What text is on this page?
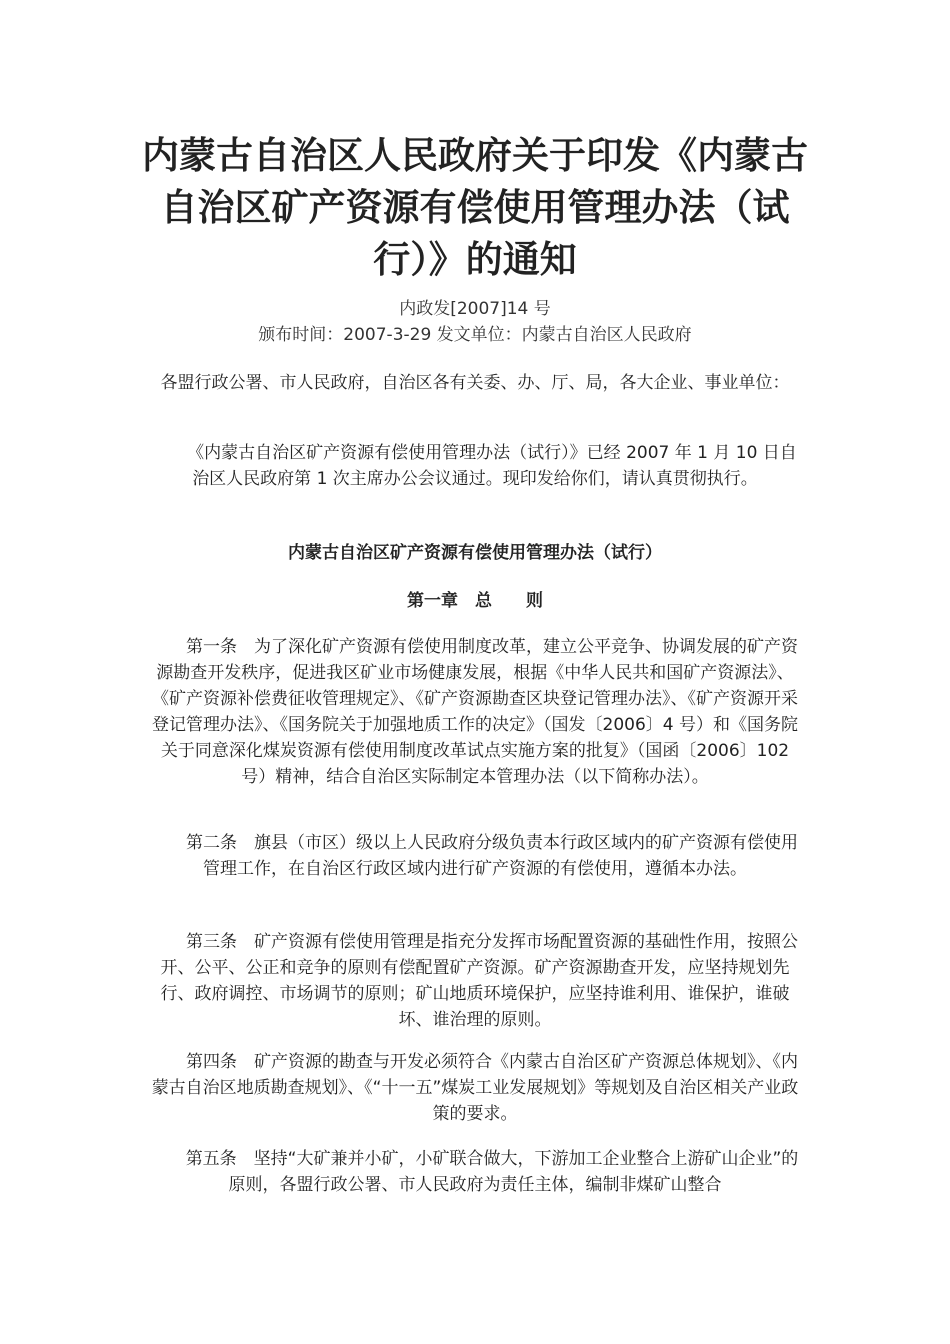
内蒙古自治区人民政府关于印发《内蒙古自治区矿产资源有偿使用管理办法（试行）》的通知
内政发[2007]14 号
颁布时间：2007-3-29 发文单位：内蒙古自治区人民政府

各盟行政公署、市人民政府，自治区各有关委、办、厅、局，各大企业、事业单位：

《内蒙古自治区矿产资源有偿使用管理办法（试行）》已经 2007 年 1 月 10 日自治区人民政府第 1 次主席办公会议通过。现印发给你们，请认真贯彻执行。

内蒙古自治区矿产资源有偿使用管理办法（试行）

第一章　总　　则

第一条　为了深化矿产资源有偿使用制度改革，建立公平竞争、协调发展的矿产资源勘查开发秩序，促进我区矿业市场健康发展，根据《中华人民共和国矿产资源法》、《矿产资源补偿费征收管理规定》、《矿产资源勘查区块登记管理办法》、《矿产资源开采登记管理办法》、《国务院关于加强地质工作的决定》（国发〔2006〕4 号）和《国务院关于同意深化煤炭资源有偿使用制度改革试点实施方案的批复》（国函〔2006〕102 号）精神，结合自治区实际制定本管理办法（以下简称办法）。

第二条　旗县（市区）级以上人民政府分级负责本行政区域内的矿产资源有偿使用管理工作，在自治区行政区域内进行矿产资源的有偿使用，遵循本办法。

第三条　矿产资源有偿使用管理是指充分发挥市场配置资源的基础性作用，按照公开、公平、公正和竞争的原则有偿配置矿产资源。矿产资源勘查开发，应坚持规划先行、政府调控、市场调节的原则；矿山地质环境保护，应坚持谁利用、谁保护，谁破坏、谁治理的原则。

第四条　矿产资源的勘查与开发必须符合《内蒙古自治区矿产资源总体规划》、《内蒙古自治区地质勘查规划》、《“十一五”煤炭工业发展规划》等规划及自治区相关产业政策的要求。

第五条　坚持“大矿兼并小矿，小矿联合做大，下游加工企业整合上游矿山企业”的原则，各盟行政公署、市人民政府为责任主体，编制非煤矿山整合
